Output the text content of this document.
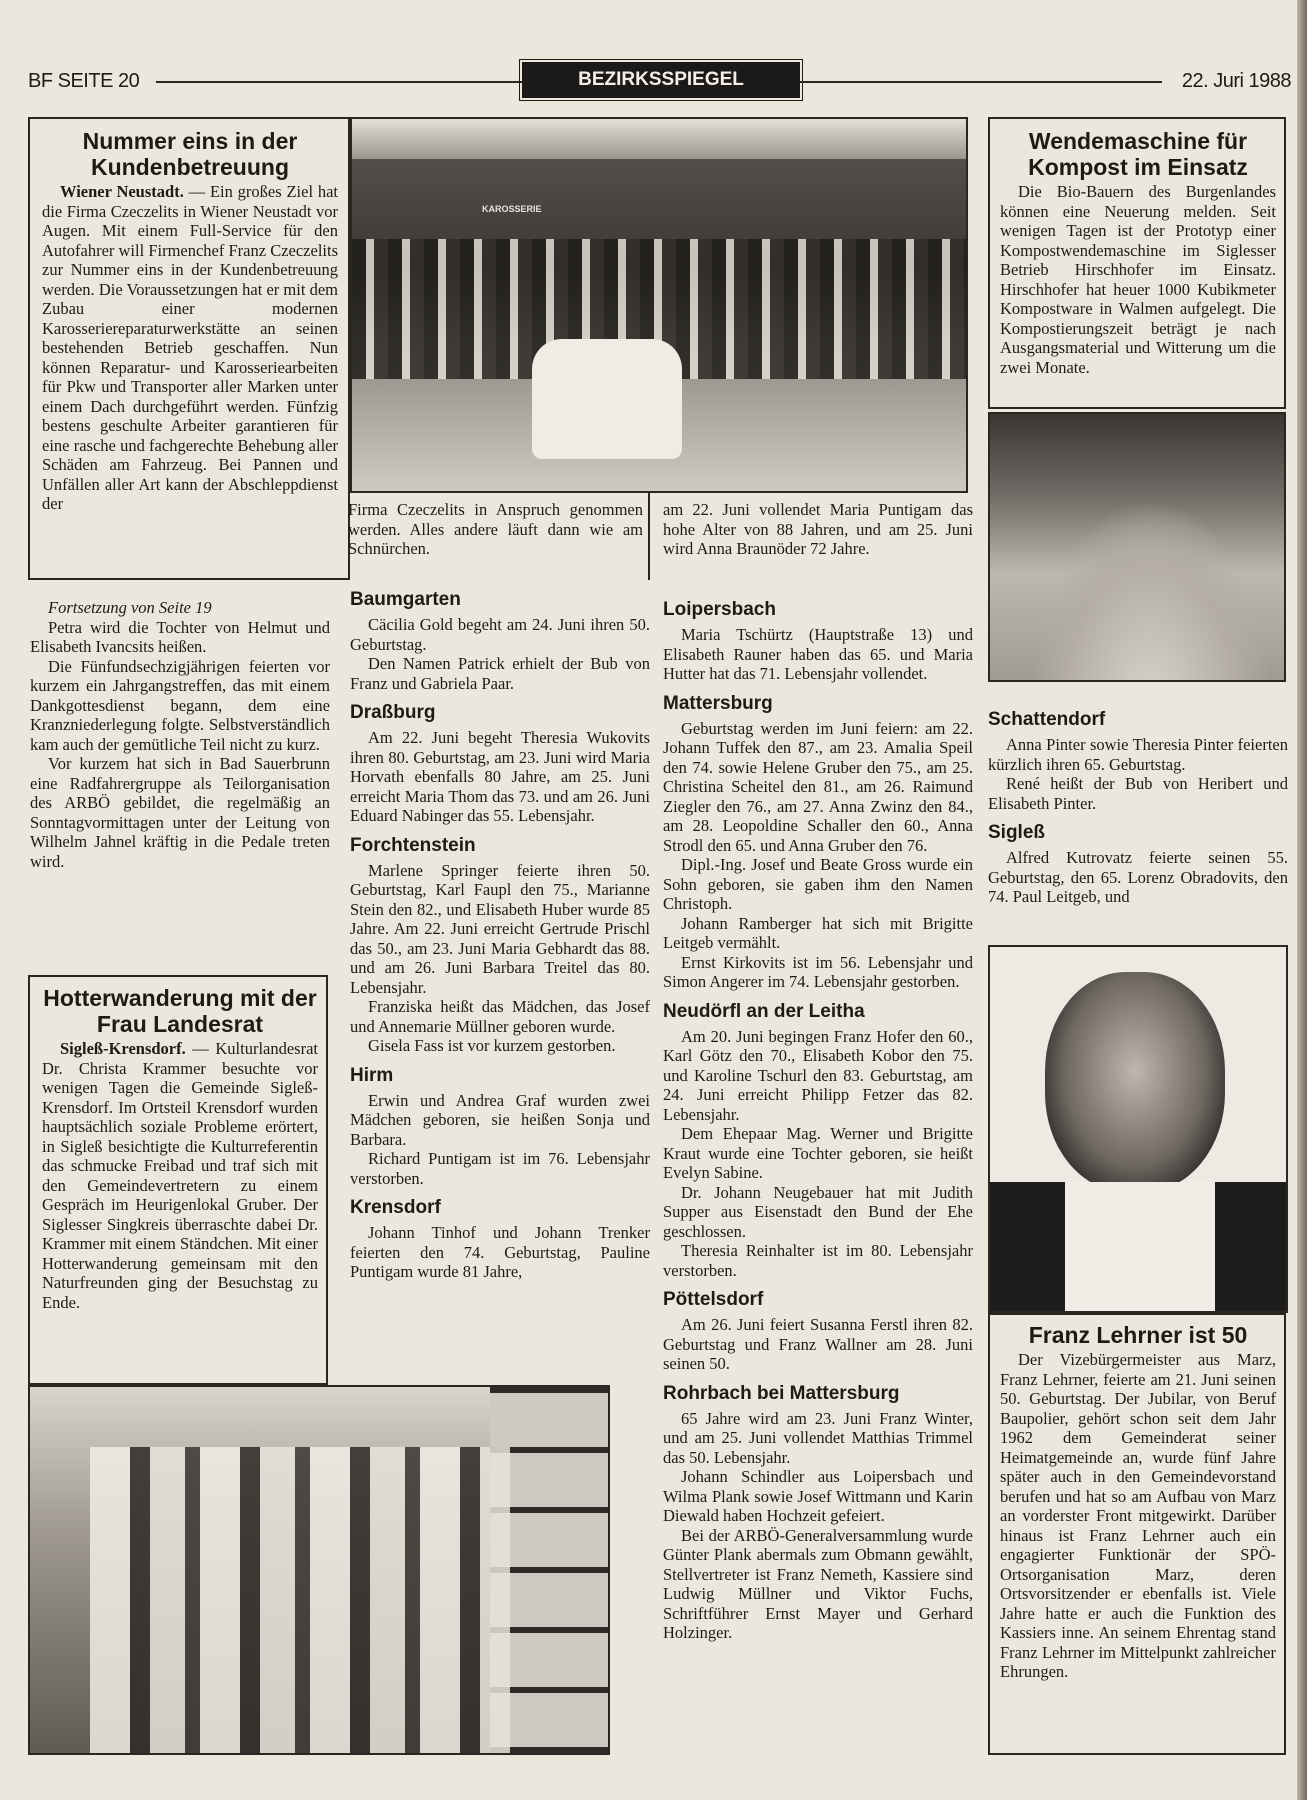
BF SEITE 20	BEZIRKSSPIEGEL	22. Juri 1988
Nummer eins in der Kundenbetreuung

Wiener Neustadt. — Ein großes Ziel hat die Firma Czeczelits in Wiener Neustadt vor Augen. Mit einem Full-Service für den Autofahrer will Firmenchef Franz Czeczelits zur Nummer eins in der Kundenbetreuung werden. Die Voraussetzungen hat er mit dem Zubau einer modernen Karosseriereparaturwerkstätte an seinen bestehenden Betrieb geschaffen. Nun können Reparatur- und Karosseriearbeiten für Pkw und Transporter aller Marken unter einem Dach durchgeführt werden. Fünfzig bestens geschulte Arbeiter garantieren für eine rasche und fachgerechte Behebung aller Schäden am Fahrzeug. Bei Pannen und Unfällen aller Art kann der Abschleppdienst der

KAROSSERIE

Firma Czeczelits in Anspruch genommen werden. Alles andere läuft dann wie am Schnürchen.

am 22. Juni vollendet Maria Puntigam das hohe Alter von 88 Jahren, und am 25. Juni wird Anna Braunöder 72 Jahre.

Fortsetzung von Seite 19

Petra wird die Tochter von Helmut und Elisabeth Ivancsits heißen.

Die Fünfundsechzigjährigen feierten vor kurzem ein Jahrgangstreffen, das mit einem Dankgottesdienst begann, dem eine Kranzniederlegung folgte. Selbstverständlich kam auch der gemütliche Teil nicht zu kurz.

Vor kurzem hat sich in Bad Sauerbrunn eine Radfahrergruppe als Teilorganisation des ARBÖ gebildet, die regelmäßig an Sonntagvormittagen unter der Leitung von Wilhelm Jahnel kräftig in die Pedale treten wird.

Hotterwanderung mit der Frau Landesrat

Sigleß-Krensdorf. — Kulturlandesrat Dr. Christa Krammer besuchte vor wenigen Tagen die Gemeinde Sigleß-Krensdorf. Im Ortsteil Krensdorf wurden hauptsächlich soziale Probleme erörtert, in Sigleß besichtigte die Kulturreferentin das schmucke Freibad und traf sich mit den Gemeindevertretern zu einem Gespräch im Heurigenlokal Gruber. Der Siglesser Singkreis überraschte dabei Dr. Krammer mit einem Ständchen. Mit einer Hotterwanderung gemeinsam mit den Naturfreunden ging der Besuchstag zu Ende.

Baumgarten

Cäcilia Gold begeht am 24. Juni ihren 50. Geburtstag.

Den Namen Patrick erhielt der Bub von Franz und Gabriela Paar.

Draßburg

Am 22. Juni begeht Theresia Wukovits ihren 80. Geburtstag, am 23. Juni wird Maria Horvath ebenfalls 80 Jahre, am 25. Juni erreicht Maria Thom das 73. und am 26. Juni Eduard Nabinger das 55. Lebensjahr.

Forchtenstein

Marlene Springer feierte ihren 50. Geburtstag, Karl Faupl den 75., Marianne Stein den 82., und Elisabeth Huber wurde 85 Jahre. Am 22. Juni erreicht Gertrude Prischl das 50., am 23. Juni Maria Gebhardt das 88. und am 26. Juni Barbara Treitel das 80. Lebensjahr.

Franziska heißt das Mädchen, das Josef und Annemarie Müllner geboren wurde.

Gisela Fass ist vor kurzem gestorben.

Hirm

Erwin und Andrea Graf wurden zwei Mädchen geboren, sie heißen Sonja und Barbara.

Richard Puntigam ist im 76. Lebensjahr verstorben.

Krensdorf

Johann Tinhof und Johann Trenker feierten den 74. Geburtstag, Pauline Puntigam wurde 81 Jahre,

Loipersbach

Maria Tschürtz (Hauptstraße 13) und Elisabeth Rauner haben das 65. und Maria Hutter hat das 71. Lebensjahr vollendet.

Mattersburg

Geburtstag werden im Juni feiern: am 22. Johann Tuffek den 87., am 23. Amalia Speil den 74. sowie Helene Gruber den 75., am 25. Christina Scheitel den 81., am 26. Raimund Ziegler den 76., am 27. Anna Zwinz den 84., am 28. Leopoldine Schaller den 60., Anna Strodl den 65. und Anna Gruber den 76.

Dipl.-Ing. Josef und Beate Gross wurde ein Sohn geboren, sie gaben ihm den Namen Christoph.

Johann Ramberger hat sich mit Brigitte Leitgeb vermählt.

Ernst Kirkovits ist im 56. Lebensjahr und Simon Angerer im 74. Lebensjahr gestorben.

Neudörfl an der Leitha

Am 20. Juni begingen Franz Hofer den 60., Karl Götz den 70., Elisabeth Kobor den 75. und Karoline Tschurl den 83. Geburtstag, am 24. Juni erreicht Philipp Fetzer das 82. Lebensjahr.

Dem Ehepaar Mag. Werner und Brigitte Kraut wurde eine Tochter geboren, sie heißt Evelyn Sabine.

Dr. Johann Neugebauer hat mit Judith Supper aus Eisenstadt den Bund der Ehe geschlossen.

Theresia Reinhalter ist im 80. Lebensjahr verstorben.

Pöttelsdorf

Am 26. Juni feiert Susanna Ferstl ihren 82. Geburtstag und Franz Wallner am 28. Juni seinen 50.

Rohrbach bei Mattersburg

65 Jahre wird am 23. Juni Franz Winter, und am 25. Juni vollendet Matthias Trimmel das 50. Lebensjahr.

Johann Schindler aus Loipersbach und Wilma Plank sowie Josef Wittmann und Karin Diewald haben Hochzeit gefeiert.

Bei der ARBÖ-Generalversammlung wurde Günter Plank abermals zum Obmann gewählt, Stellvertreter ist Franz Nemeth, Kassiere sind Ludwig Müllner und Viktor Fuchs, Schriftführer Ernst Mayer und Gerhard Holzinger.

Wendemaschine für Kompost im Einsatz

Die Bio-Bauern des Burgenlandes können eine Neuerung melden. Seit wenigen Tagen ist der Prototyp einer Kompostwendemaschine im Siglesser Betrieb Hirschhofer im Einsatz. Hirschhofer hat heuer 1000 Kubikmeter Kompostware in Walmen aufgelegt. Die Kompostierungszeit beträgt je nach Ausgangsmaterial und Witterung um die zwei Monate.

Schattendorf

Anna Pinter sowie Theresia Pinter feierten kürzlich ihren 65. Geburtstag.

René heißt der Bub von Heribert und Elisabeth Pinter.

Sigleß

Alfred Kutrovatz feierte seinen 55. Geburtstag, den 65. Lorenz Obradovits, den 74. Paul Leitgeb, und

Franz Lehrner ist 50

Der Vizebürgermeister aus Marz, Franz Lehrner, feierte am 21. Juni seinen 50. Geburtstag. Der Jubilar, von Beruf Baupolier, gehört schon seit dem Jahr 1962 dem Gemeinderat seiner Heimatgemeinde an, wurde fünf Jahre später auch in den Gemeindevorstand berufen und hat so am Aufbau von Marz an vorderster Front mitgewirkt. Darüber hinaus ist Franz Lehrner auch ein engagierter Funktionär der SPÖ-Ortsorganisation Marz, deren Ortsvorsitzender er ebenfalls ist. Viele Jahre hatte er auch die Funktion des Kassiers inne. An seinem Ehrentag stand Franz Lehrner im Mittelpunkt zahlreicher Ehrungen.
